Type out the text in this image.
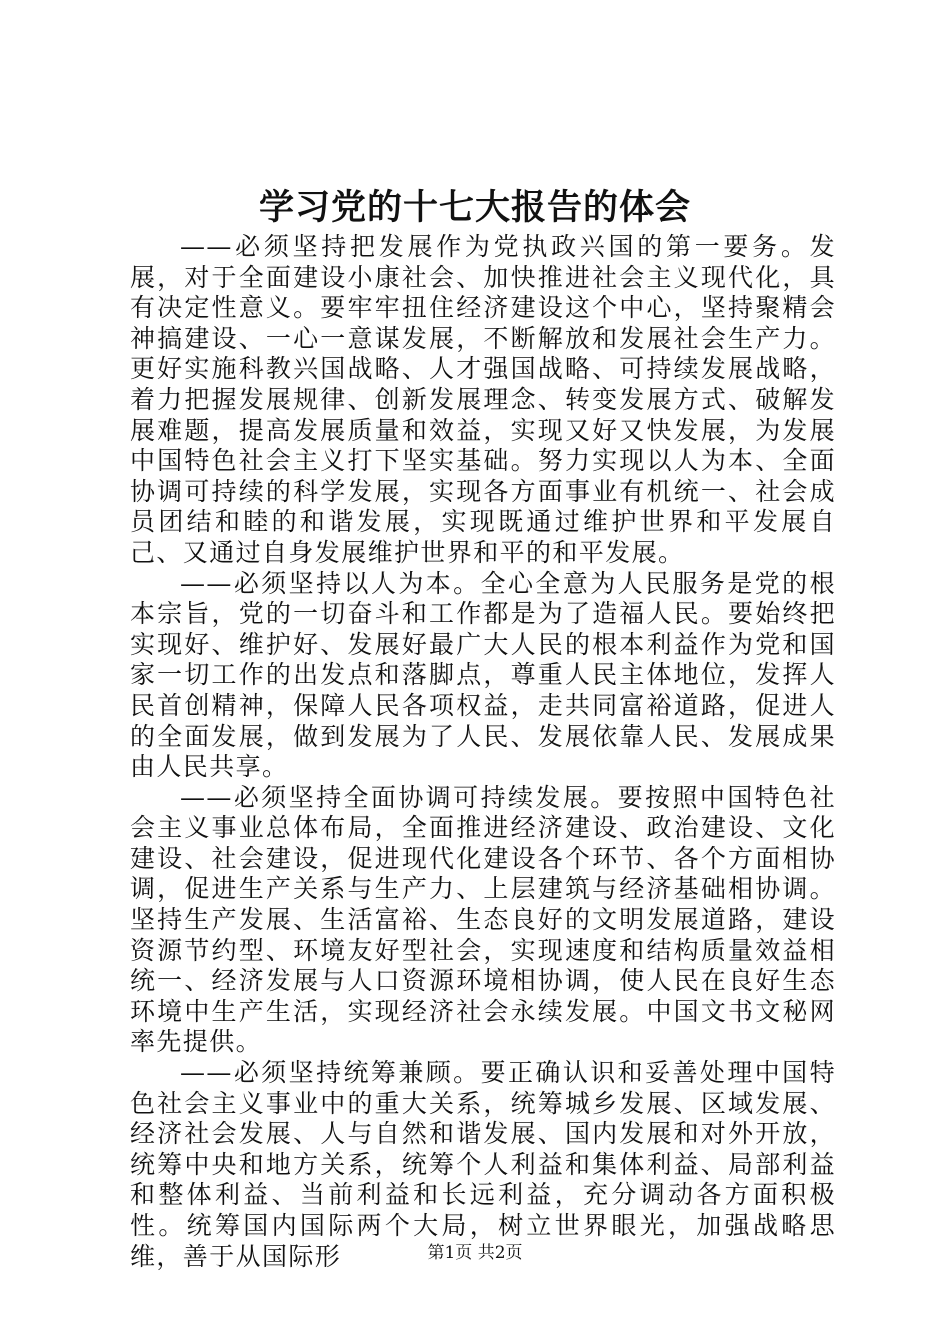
学习党的十七大报告的体会

——必须坚持把发展作为党执政兴国的第一要务。发展，对于全面建设小康社会、加快推进社会主义现代化，具有决定性意义。要牢牢扭住经济建设这个中心，坚持聚精会神搞建设、一心一意谋发展，不断解放和发展社会生产力。更好实施科教兴国战略、人才强国战略、可持续发展战略，着力把握发展规律、创新发展理念、转变发展方式、破解发展难题，提高发展质量和效益，实现又好又快发展，为发展中国特色社会主义打下坚实基础。努力实现以人为本、全面协调可持续的科学发展，实现各方面事业有机统一、社会成员团结和睦的和谐发展，实现既通过维护世界和平发展自己、又通过自身发展维护世界和平的和平发展。

——必须坚持以人为本。全心全意为人民服务是党的根本宗旨，党的一切奋斗和工作都是为了造福人民。要始终把实现好、维护好、发展好最广大人民的根本利益作为党和国家一切工作的出发点和落脚点，尊重人民主体地位，发挥人民首创精神，保障人民各项权益，走共同富裕道路，促进人的全面发展，做到发展为了人民、发展依靠人民、发展成果由人民共享。

——必须坚持全面协调可持续发展。要按照中国特色社会主义事业总体布局，全面推进经济建设、政治建设、文化建设、社会建设，促进现代化建设各个环节、各个方面相协调，促进生产关系与生产力、上层建筑与经济基础相协调。坚持生产发展、生活富裕、生态良好的文明发展道路，建设资源节约型、环境友好型社会，实现速度和结构质量效益相统一、经济发展与人口资源环境相协调，使人民在良好生态环境中生产生活，实现经济社会永续发展。中国文书文秘网率先提供。

——必须坚持统筹兼顾。要正确认识和妥善处理中国特色社会主义事业中的重大关系，统筹城乡发展、区域发展、经济社会发展、人与自然和谐发展、国内发展和对外开放，统筹中央和地方关系，统筹个人利益和集体利益、局部利益和整体利益、当前利益和长远利益，充分调动各方面积极性。统筹国内国际两个大局，树立世界眼光，加强战略思维，善于从国际形	第1页 共2页
